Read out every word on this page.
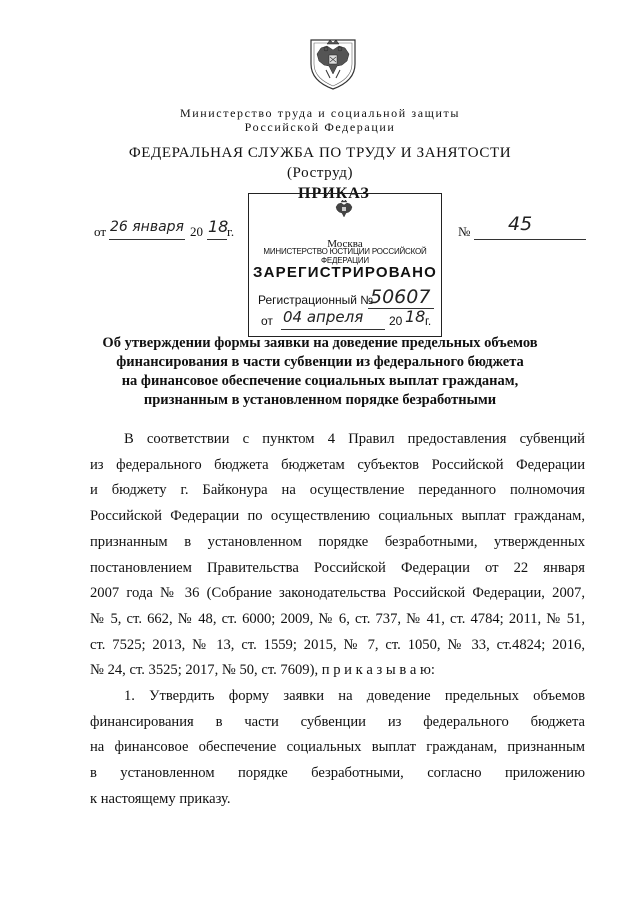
Министерство труда и социальной защиты
Российской Федерации
ФЕДЕРАЛЬНАЯ СЛУЖБА ПО ТРУДУ И ЗАНЯТОСТИ
(Роструд)
от 26 января 20 18
г.	№ 45
ПРИКАЗ
Москва
МИНИСТЕРСТВО ЮСТИЦИИ РОССИЙСКОЙ ФЕДЕРАЦИИ
ЗАРЕГИСТРИРОВАНО
Регистрационный №
50607
от 04 апреля 20 18 г.
Об утверждении формы заявки на доведение предельных объемов
финансирования в части субвенции из федерального бюджета
на финансовое обеспечение социальных выплат гражданам,
признанным в установленном порядке безработными

В соответствии с пунктом 4 Правил предоставления субвенций

из федерального бюджета бюджетам субъектов Российской Федерации

и бюджету г. Байконура на осуществление переданного полномочия

Российской Федерации по осуществлению социальных выплат гражданам,

признанным в установленном порядке безработными, утвержденных

постановлением Правительства Российской Федерации от 22 января

2007 года № 36 (Собрание законодательства Российской Федерации, 2007,

№ 5, ст. 662, № 48, ст. 6000; 2009, № 6, ст. 737, № 41, ст. 4784; 2011, № 51,

ст. 7525; 2013, № 13, ст. 1559; 2015, № 7, ст. 1050, № 33, ст.4824; 2016,

№ 24, ст. 3525; 2017, № 50, ст. 7609), п р и к а з ы в а ю:

1. Утвердить форму заявки на доведение предельных объемов

финансирования в части субвенции из федерального бюджета

на финансовое обеспечение социальных выплат гражданам, признанным

в установленном порядке безработными, согласно приложению

к настоящему приказу.
